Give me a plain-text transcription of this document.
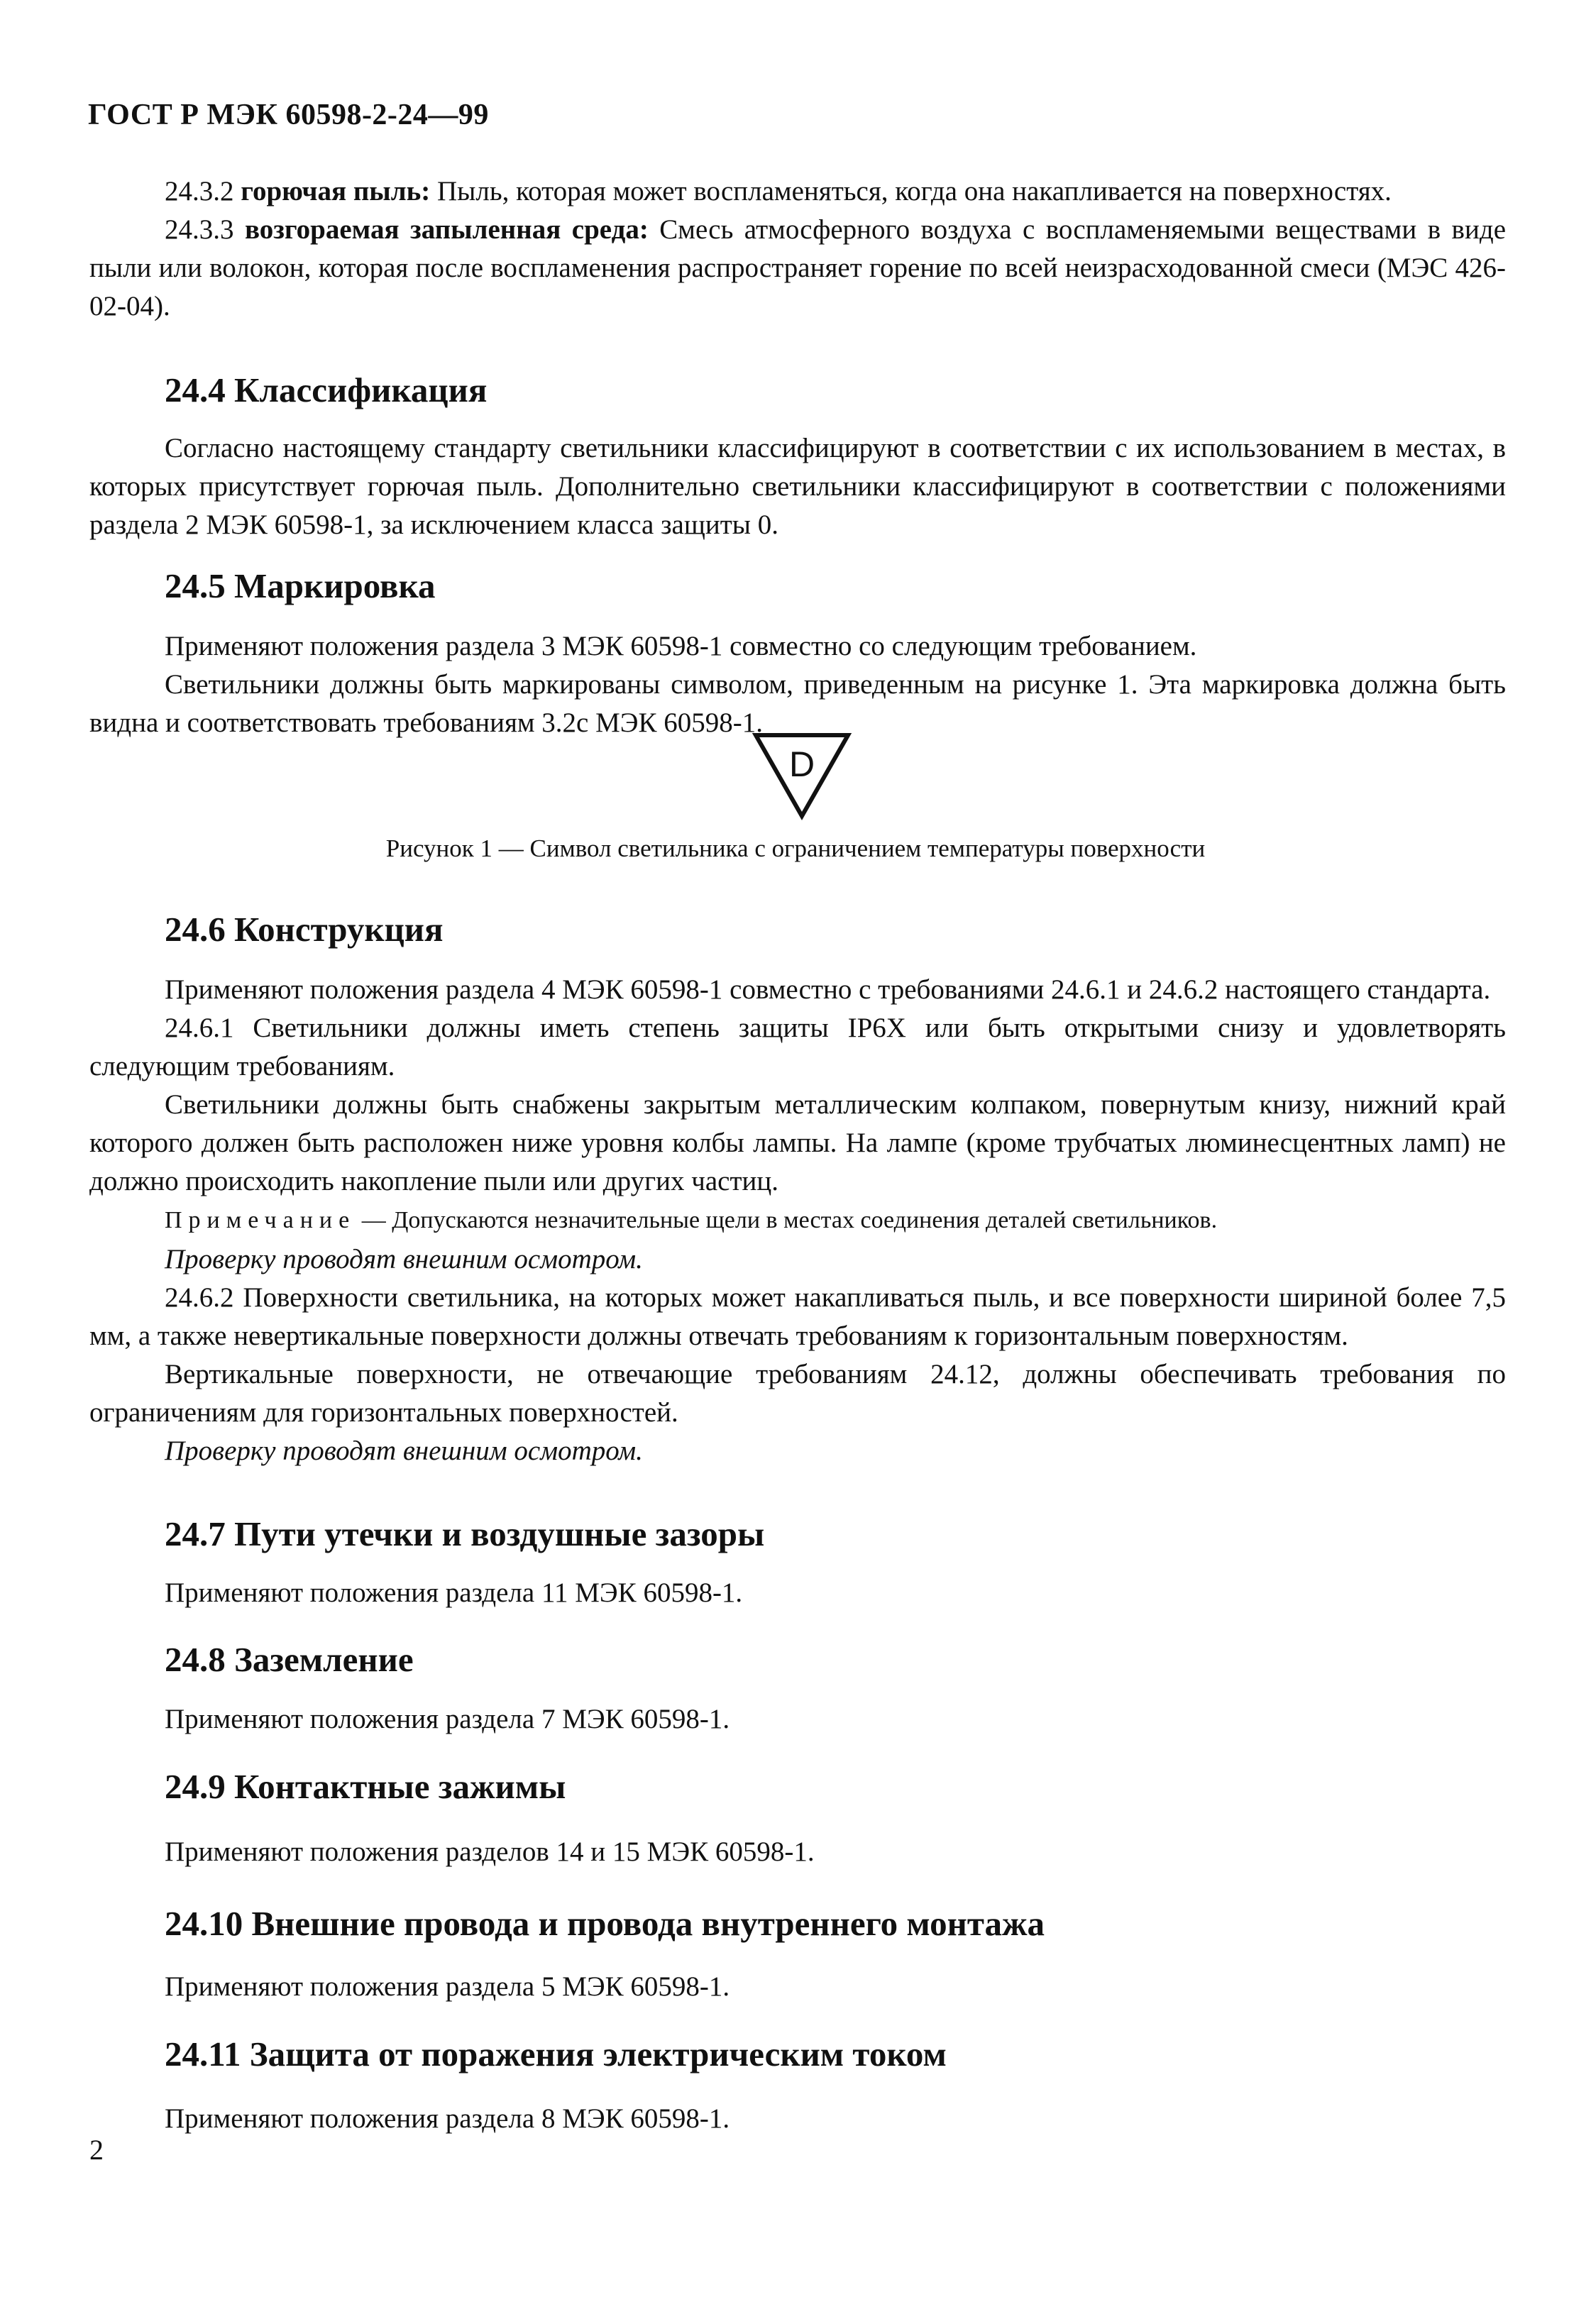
ГОСТ Р МЭК 60598-2-24—99

24.3.2 горючая пыль: Пыль, которая может воспламеняться, когда она накапливается на поверхностях.

24.3.3 возгораемая запыленная среда: Смесь атмосферного воздуха с воспламеняемыми веществами в виде пыли или волокон, которая после воспламенения распространяет горение по всей неизрасходованной смеси (МЭС 426-02-04).

24.4 Классификация

Согласно настоящему стандарту светильники классифицируют в соответствии с их использованием в местах, в которых присутствует горючая пыль. Дополнительно светильники классифицируют в соответствии с положениями раздела 2 МЭК 60598-1, за исключением класса защиты 0.

24.5 Маркировка

Применяют положения раздела 3 МЭК 60598-1 совместно со следующим требованием.

Светильники должны быть маркированы символом, приведенным на рисунке 1. Эта маркировка должна быть видна и соответствовать требованиям 3.2с МЭК 60598-1.

D
Рисунок 1 — Символ светильника с ограничением температуры поверхности
24.6 Конструкция

Применяют положения раздела 4 МЭК 60598-1 совместно с требованиями 24.6.1 и 24.6.2 настоящего стандарта.

24.6.1 Светильники должны иметь степень защиты IP6X или быть открытыми снизу и удовлетворять следующим требованиям.

Светильники должны быть снабжены закрытым металлическим колпаком, повернутым книзу, нижний край которого должен быть расположен ниже уровня колбы лампы. На лампе (кроме трубчатых люминесцентных ламп) не должно происходить накопление пыли или других частиц.

Примечание — Допускаются незначительные щели в местах соединения деталей светильников.

Проверку проводят внешним осмотром.

24.6.2 Поверхности светильника, на которых может накапливаться пыль, и все поверхности шириной более 7,5 мм, а также невертикальные поверхности должны отвечать требованиям к горизонтальным поверхностям.

Вертикальные поверхности, не отвечающие требованиям 24.12, должны обеспечивать требования по ограничениям для горизонтальных поверхностей.

Проверку проводят внешним осмотром.

24.7 Пути утечки и воздушные зазоры

Применяют положения раздела 11 МЭК 60598-1.

24.8 Заземление

Применяют положения раздела 7 МЭК 60598-1.

24.9 Контактные зажимы

Применяют положения разделов 14 и 15 МЭК 60598-1.

24.10 Внешние провода и провода внутреннего монтажа

Применяют положения раздела 5 МЭК 60598-1.

24.11 Защита от поражения электрическим током

Применяют положения раздела 8 МЭК 60598-1.

2
